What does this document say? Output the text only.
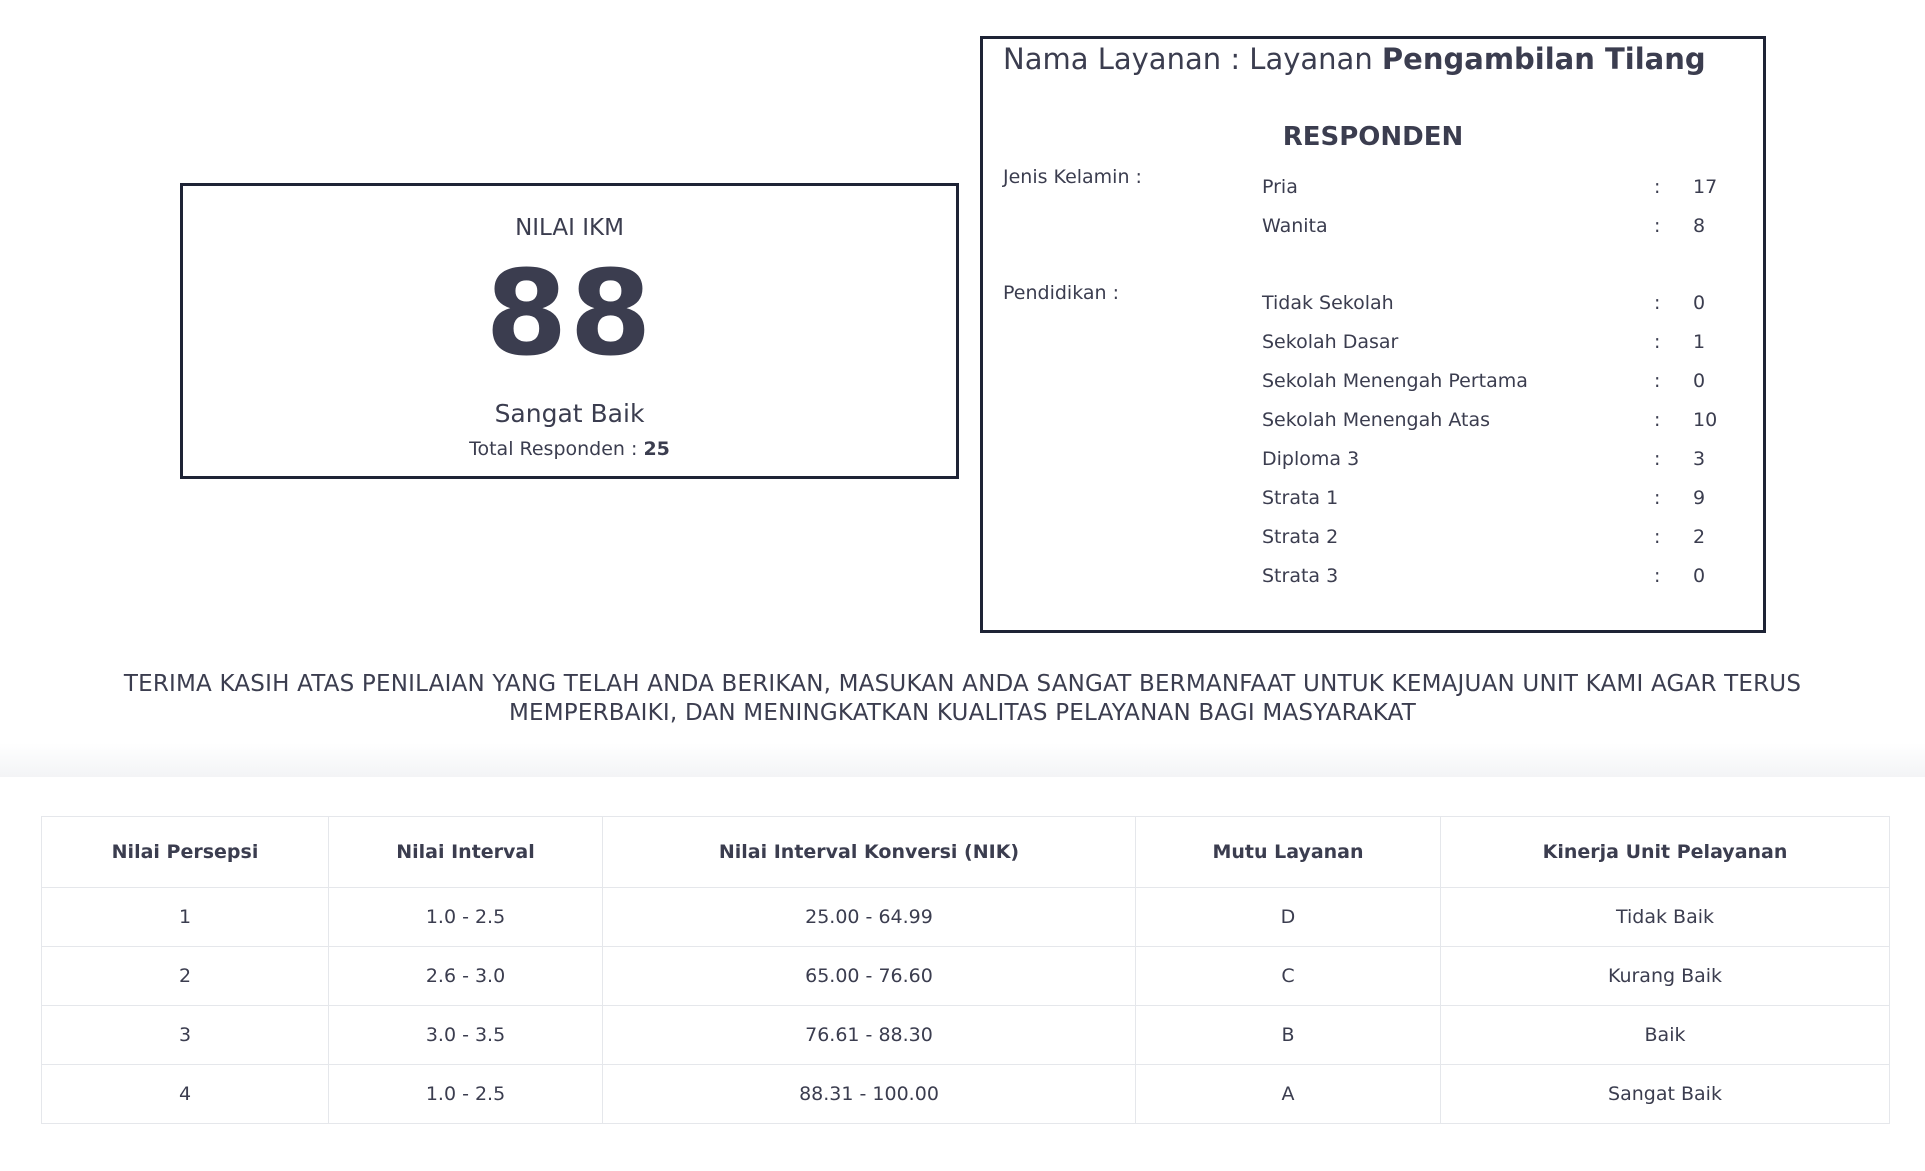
NILAI IKM
88
Sangat Baik
Total Responden : 25
Nama Layanan : Layanan Pengambilan Tilang
RESPONDEN
Jenis Kelamin :	Pria	: 17
Wanita	: 8
Pendidikan :	Tidak Sekolah	: 0
Sekolah Dasar	: 1
Sekolah Menengah Pertama	: 0
Sekolah Menengah Atas	: 10
Diploma 3	: 3
Strata 1	: 9
Strata 2	: 2
Strata 3	: 0
TERIMA KASIH ATAS PENILAIAN YANG TELAH ANDA BERIKAN, MASUKAN ANDA SANGAT BERMANFAAT UNTUK KEMAJUAN UNIT KAMI AGAR TERUS
MEMPERBAIKI, DAN MENINGKATKAN KUALITAS PELAYANAN BAGI MASYARAKAT
Nilai Persepsi	Nilai Interval	Nilai Interval Konversi (NIK)	Mutu Layanan	Kinerja Unit Pelayanan
1	1.0 - 2.5	25.00 - 64.99	D	Tidak Baik
2	2.6 - 3.0	65.00 - 76.60	C	Kurang Baik
3	3.0 - 3.5	76.61 - 88.30	B	Baik
4	1.0 - 2.5	88.31 - 100.00	A	Sangat Baik
